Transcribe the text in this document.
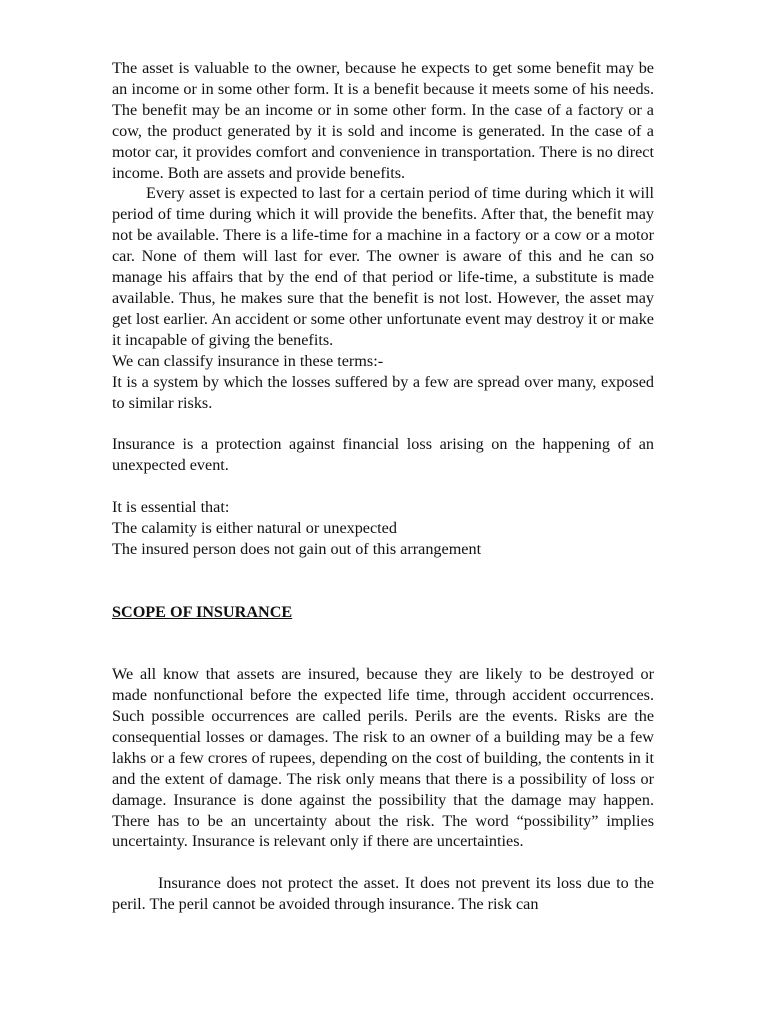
The asset is valuable to the owner, because he expects to get some benefit may be an income or in some other form. It is a benefit because it meets some of his needs. The benefit may be an income or in some other form. In the case of a factory or a cow, the product generated by it is sold and income is generated. In the case of a motor car, it provides comfort and convenience in transportation. There is no direct income. Both are assets and provide benefits.

Every asset is expected to last for a certain period of time during which it will period of time during which it will provide the benefits. After that, the benefit may not be available. There is a life-time for a machine in a factory or a cow or a motor car. None of them will last for ever. The owner is aware of this and he can so manage his affairs that by the end of that period or life-time, a substitute is made available. Thus, he makes sure that the benefit is not lost. However, the asset may get lost earlier. An accident or some other unfortunate event may destroy it or make it incapable of giving the benefits.

We can classify insurance in these terms:-

It is a system by which the losses suffered by a few are spread over many, exposed to similar risks.

Insurance is a protection against financial loss arising on the happening of an unexpected event.

It is essential that:

The calamity is either natural or unexpected

The insured person does not gain out of this arrangement

SCOPE OF INSURANCE

We all know that assets are insured, because they are likely to be destroyed or made nonfunctional before the expected life time, through accident occurrences. Such possible occurrences are called perils. Perils are the events. Risks are the consequential losses or damages. The risk to an owner of a building may be a few lakhs or a few crores of rupees, depending on the cost of building, the contents in it and the extent of damage. The risk only means that there is a possibility of loss or damage. Insurance is done against the possibility that the damage may happen. There has to be an uncertainty about the risk. The word “possibility” implies uncertainty. Insurance is relevant only if there are uncertainties.

Insurance does not protect the asset. It does not prevent its loss due to the peril. The peril cannot be avoided through insurance. The risk can
